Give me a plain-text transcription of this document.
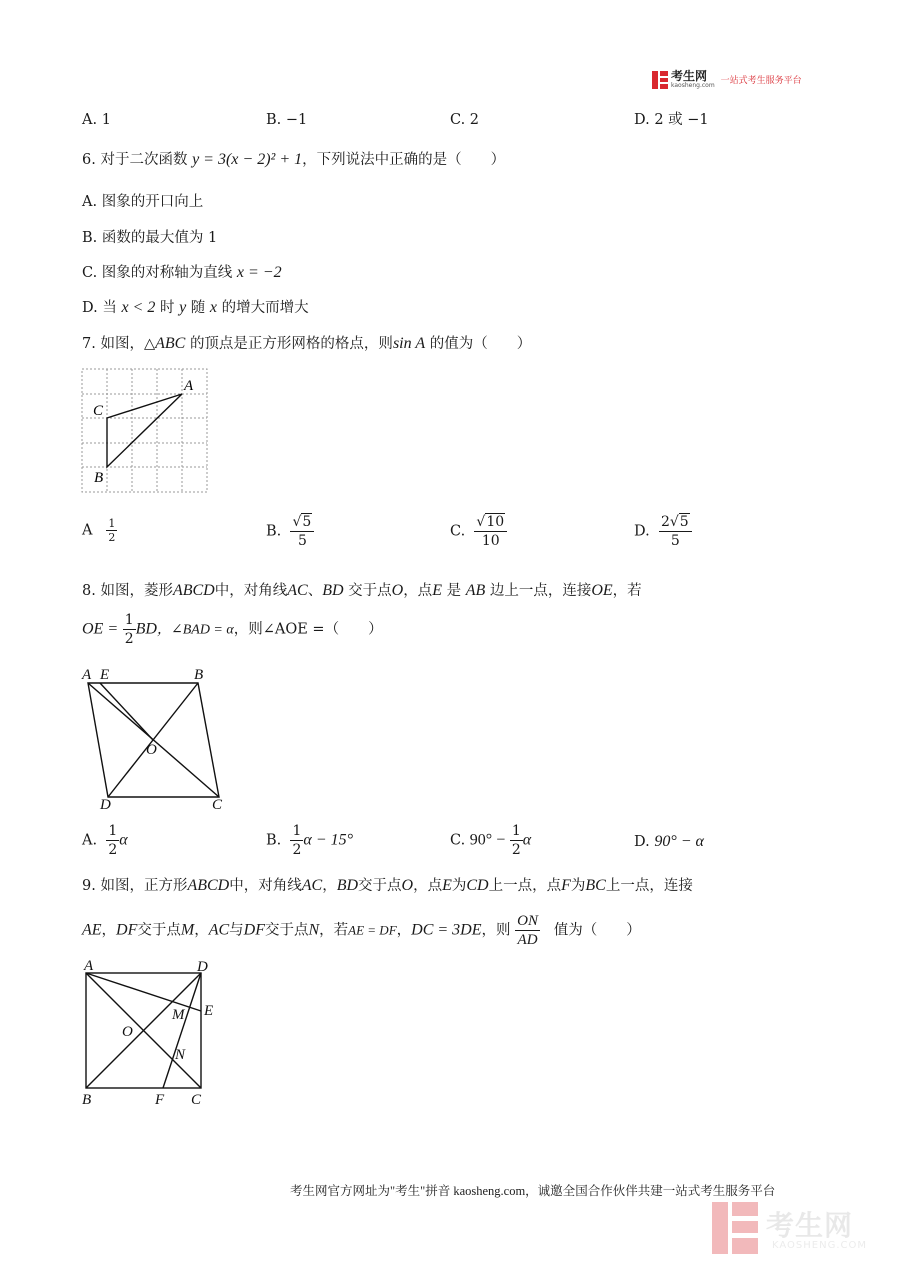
考生网
kaosheng.com 一站式考生服务平台
A. 1	B. −1	C. 2	D. 2 或 −1
6. 对于二次函数 y = 3(x − 2)² + 1，下列说法中正确的是（　　）
A. 图象的开口向上
B. 函数的最大值为 1
C. 图象的对称轴为直线 x = −2
D. 当 x < 2 时 y 随 x 的增大而增大
7. 如图，△ABC 的顶点是正方形网格的格点，则sin A 的值为（　　）
A
C
B
A $\frac{1}{2}$	B. $\frac{√5}{5}$	C. $\frac{√10}{10}$	D. $\frac{2√5}{5}$
8. 如图，菱形ABCD中，对角线AC、BD 交于点O，点E 是 AB 边上一点，连接OE，若
OE = $\frac{1}{2}$ BD，∠BAD = α，则∠AOE =（　　）
A E	B
O
D	C
A. $\frac{1}{2}$ α	B. $\frac{1}{2}$ α − 15°	C. $90^\circ - \frac{1}{2}$ α	D. 90° − α
9. 如图，正方形ABCD中，对角线AC，BD交于点O，点E为CD上一点，点F为BC上一点，连接
AE，DF交于点M，AC与DF交于点N，若AE = DF，DC = 3DE，则 $\frac{ON}{AD}$ 值为（　　）
A	D
M E
O
N
B	F C
考生网官方网址为"考生"拼音 kaosheng.com，诚邀全国合作伙伴共建一站式考生服务平台
考生网
KAOSHENG.COM
